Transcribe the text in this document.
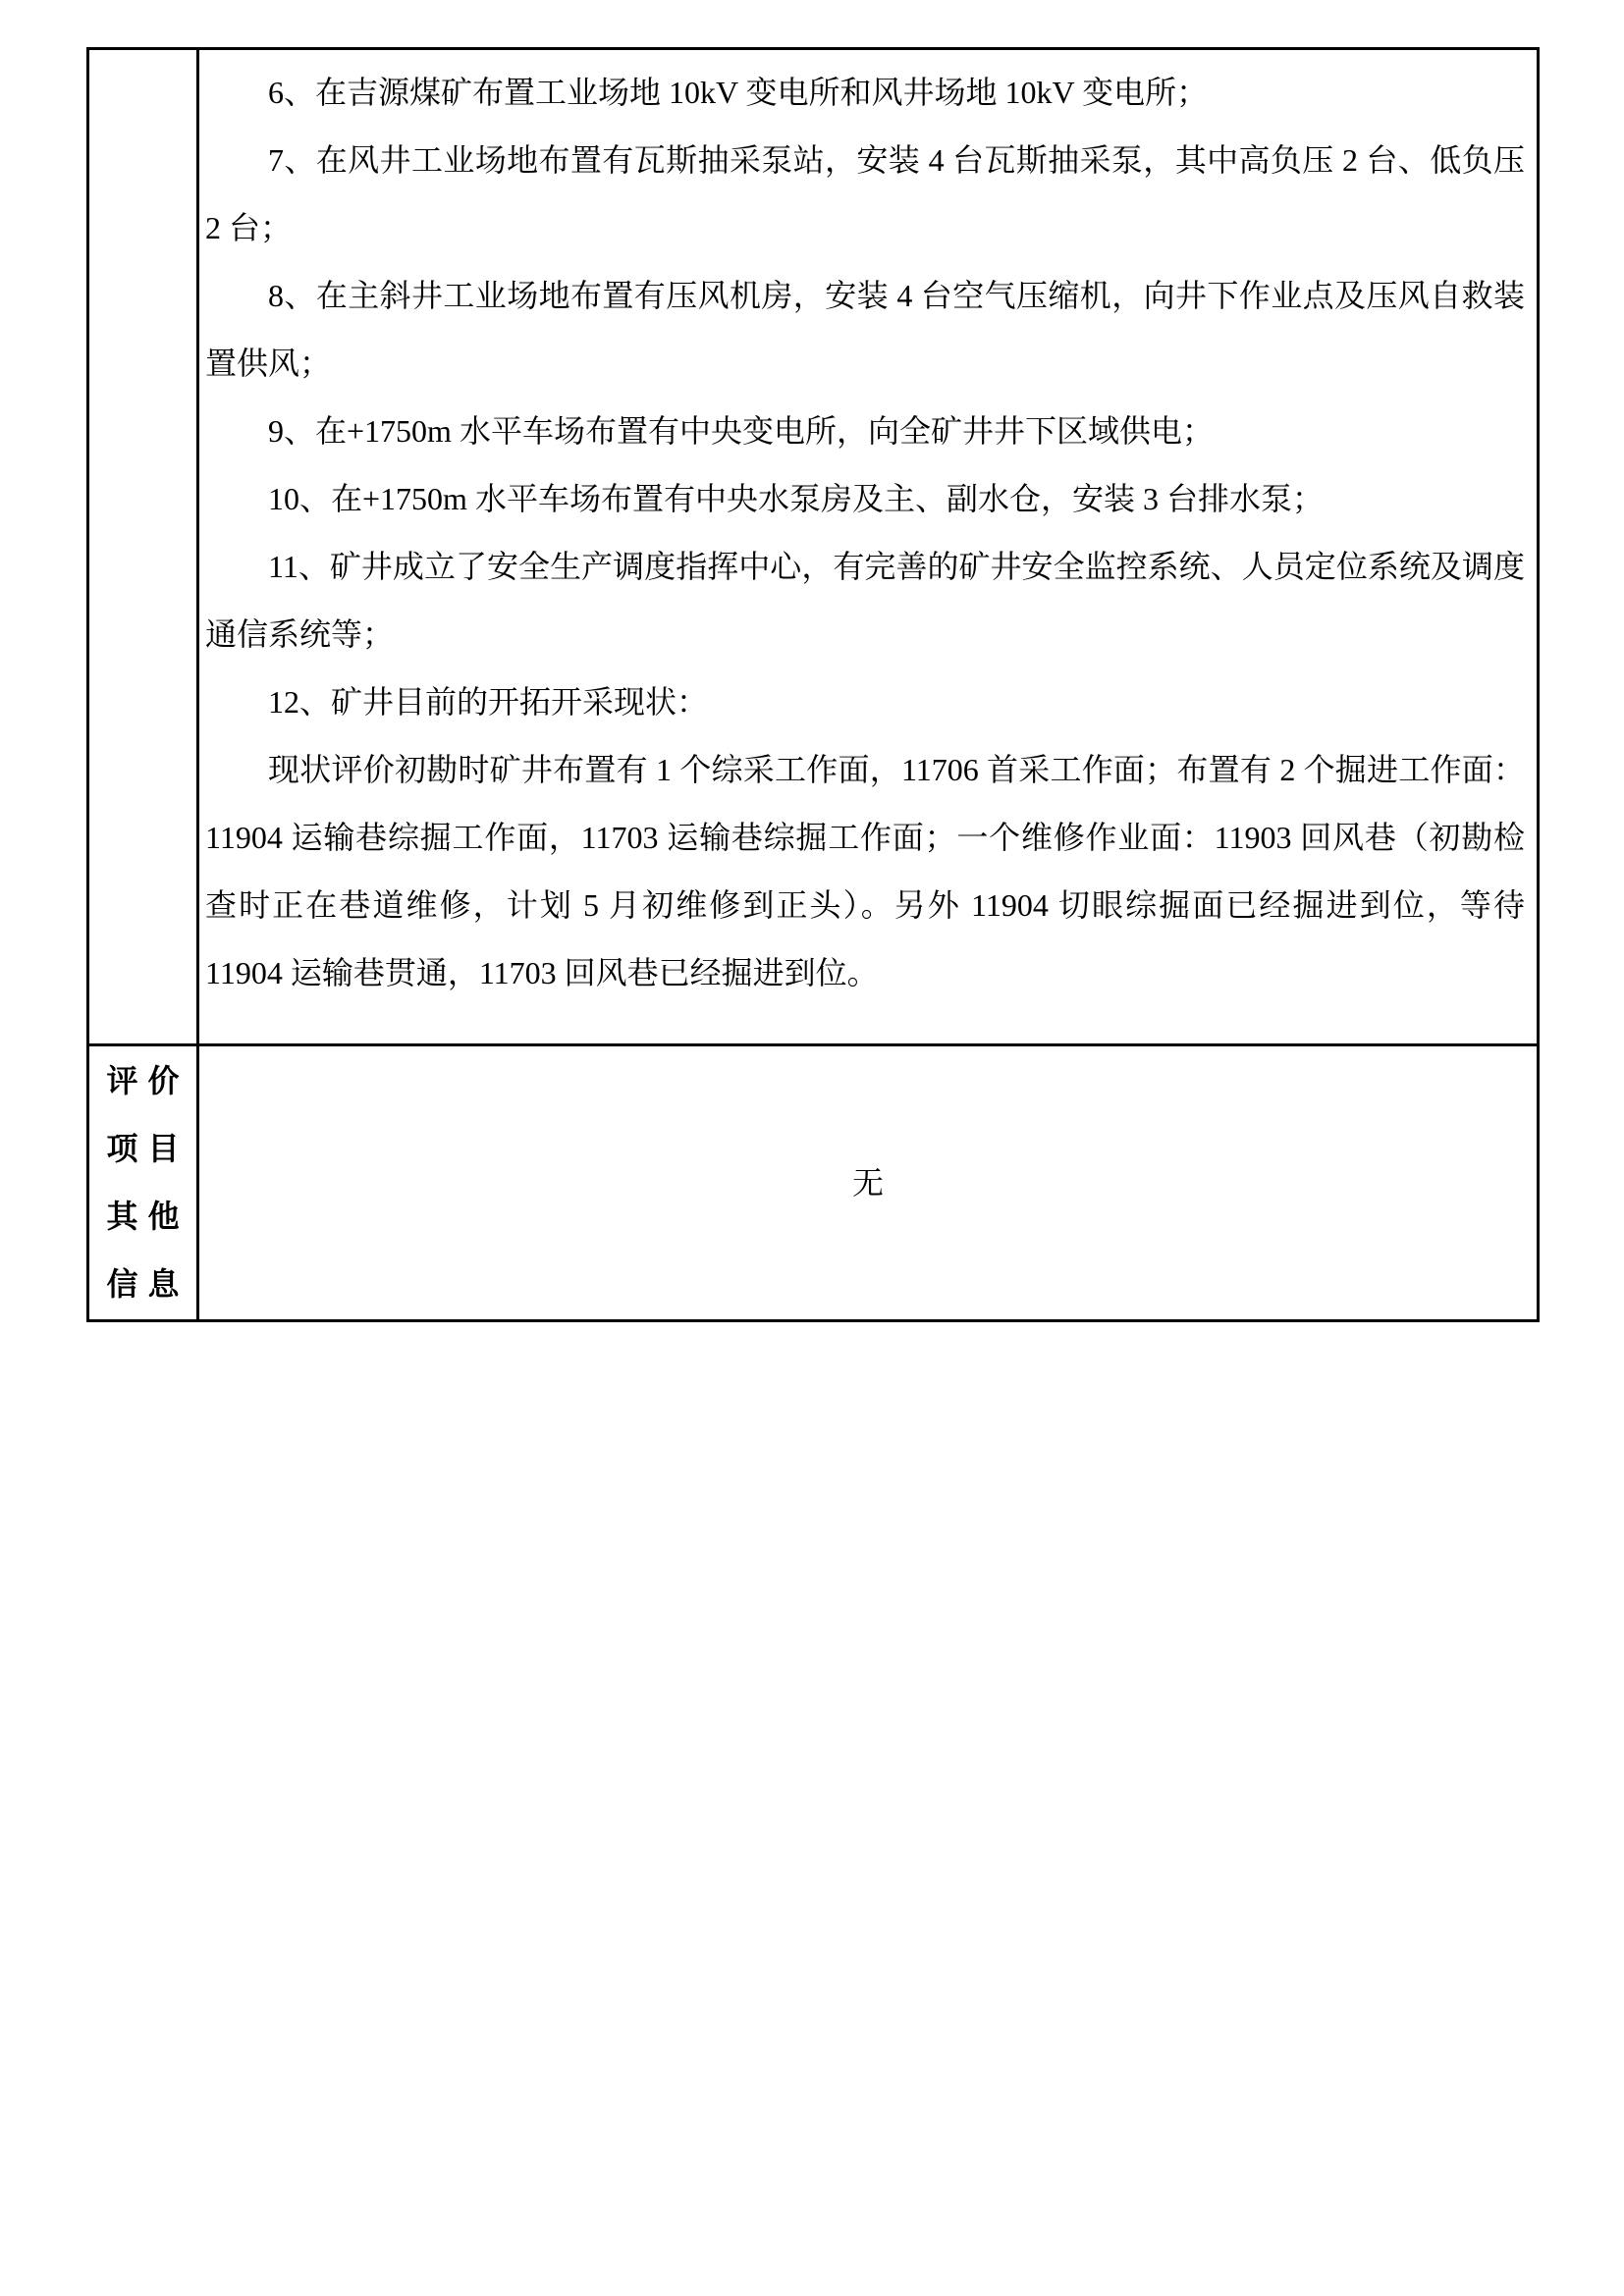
6、在吉源煤矿布置工业场地 10kV 变电所和风井场地 10kV 变电所；

7、在风井工业场地布置有瓦斯抽采泵站，安装 4 台瓦斯抽采泵，其中高负压 2 台、低负压 2 台；

8、在主斜井工业场地布置有压风机房，安装 4 台空气压缩机，向井下作业点及压风自救装置供风；

9、在+1750m 水平车场布置有中央变电所，向全矿井井下区域供电；

10、在+1750m 水平车场布置有中央水泵房及主、副水仓，安装 3 台排水泵；

11、矿井成立了安全生产调度指挥中心，有完善的矿井安全监控系统、人员定位系统及调度通信系统等；

12、矿井目前的开拓开采现状：

现状评价初勘时矿井布置有 1 个综采工作面，11706 首采工作面；布置有 2 个掘进工作面：11904 运输巷综掘工作面，11703 运输巷综掘工作面；一个维修作业面：11903 回风巷（初勘检查时正在巷道维修，计划 5 月初维修到正头）。另外 11904 切眼综掘面已经掘进到位，等待 11904 运输巷贯通，11703 回风巷已经掘进到位。

评 价
项 目
其 他
信 息
无
